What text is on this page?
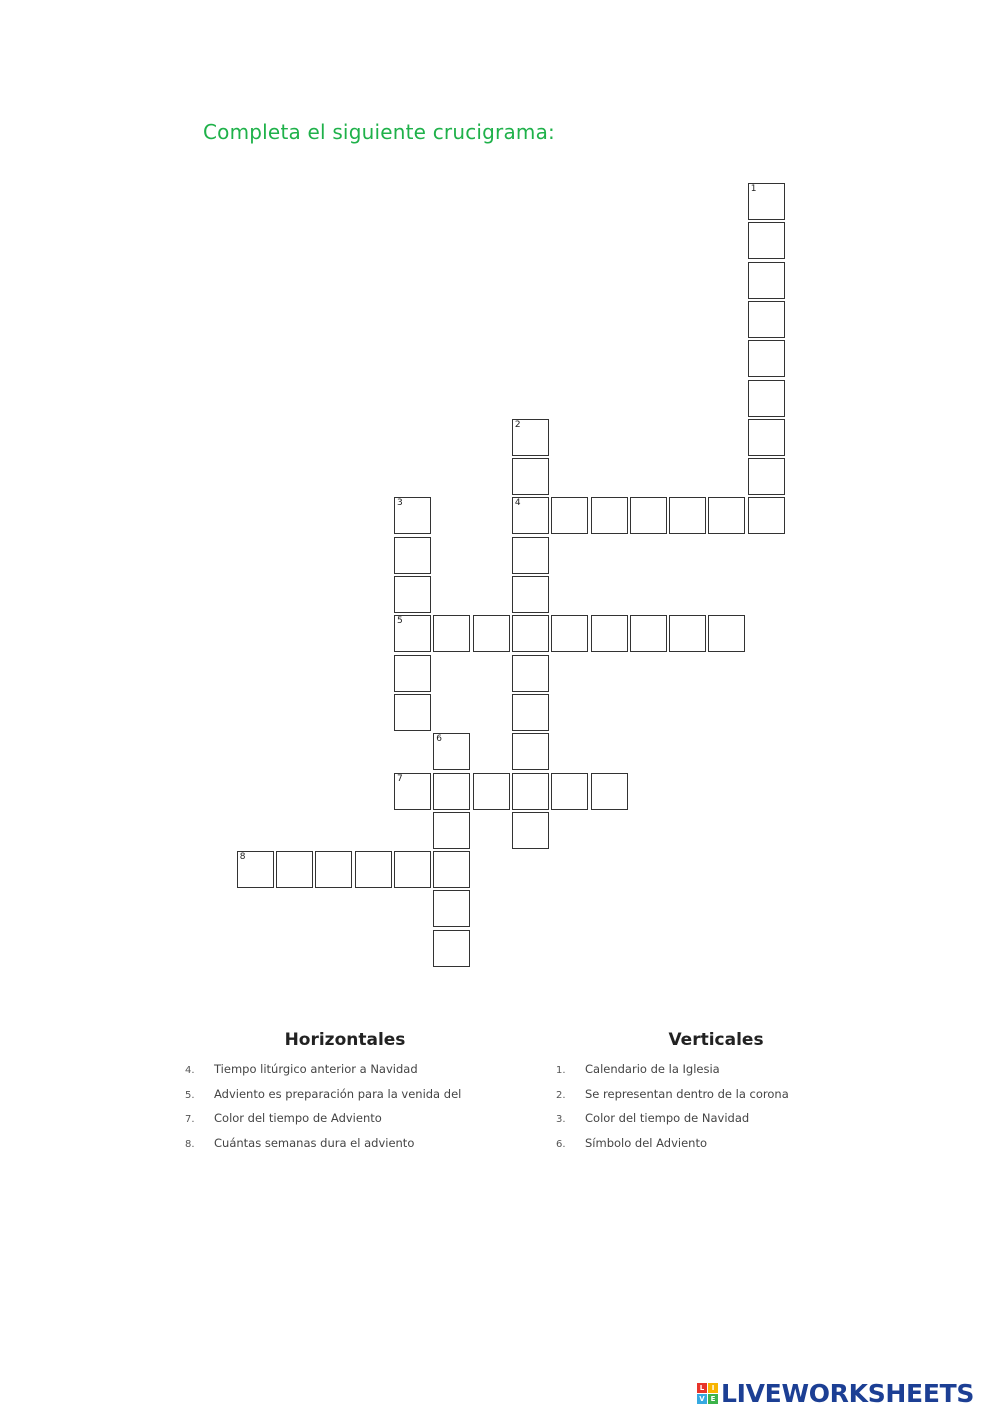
Completa el siguiente crucigrama:
1
2
4
3
5
6
7
8
Horizontales
4. Tiempo litúrgico anterior a Navidad
5. Adviento es preparación para la venida del
7. Color del tiempo de Adviento
8. Cuántas semanas dura el adviento
Verticales
1. Calendario de la Iglesia
2. Se representan dentro de la corona
3. Color del tiempo de Navidad
6. Símbolo del Adviento
L	I
V E LIVEWORKSHEETS
